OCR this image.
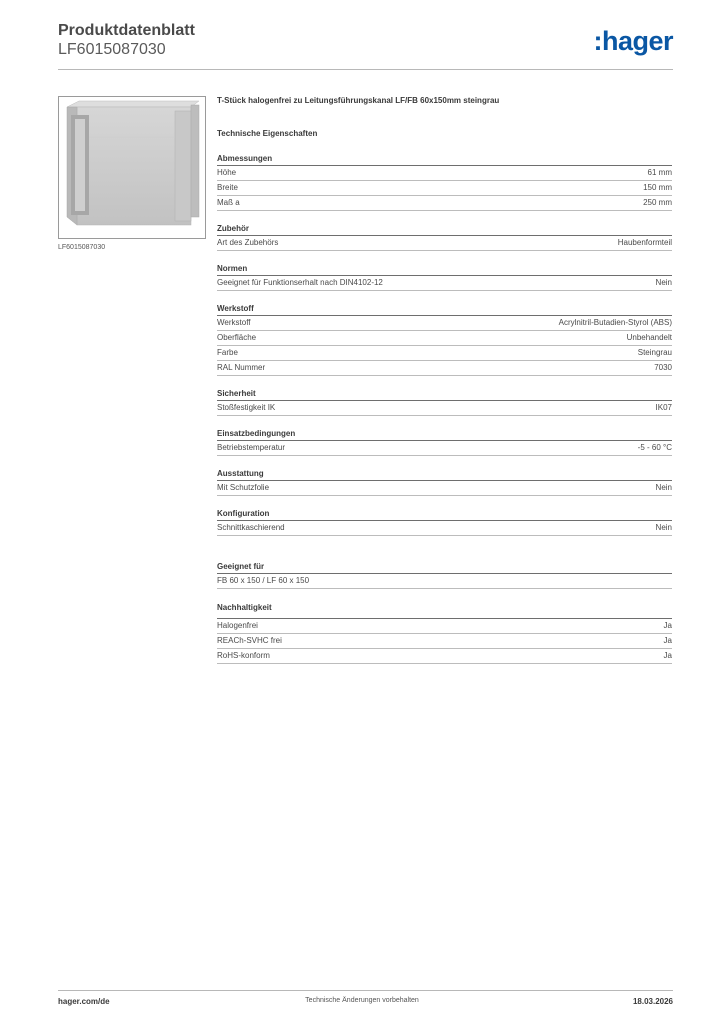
Produktdatenblatt
LF6015087030	:hager
LF6015087030
T-Stück halogenfrei zu Leitungsführungskanal LF/FB 60x150mm steingrau
Technische Eigenschaften
Abmessungen
Höhe	61 mm
Breite	150 mm
Maß a	250 mm
Zubehör
Art des Zubehörs	Haubenformteil
Normen
Geeignet für Funktionserhalt nach DIN4102-12	Nein
Werkstoff
Werkstoff	Acrylnitril-Butadien-Styrol (ABS)
Oberfläche	Unbehandelt
Farbe	Steingrau
RAL Nummer	7030
Sicherheit
Stoßfestigkeit IK	IK07
Einsatzbedingungen
Betriebstemperatur	-5 - 60 °C
Ausstattung
Mit Schutzfolie	Nein
Konfiguration
Schnittkaschierend	Nein
Geeignet für
FB 60 x 150 / LF 60 x 150
Nachhaltigkeit
Halogenfrei	Ja
REACh-SVHC frei	Ja
RoHS-konform	Ja
hager.com/de	Technische Änderungen vorbehalten	18.03.2026
